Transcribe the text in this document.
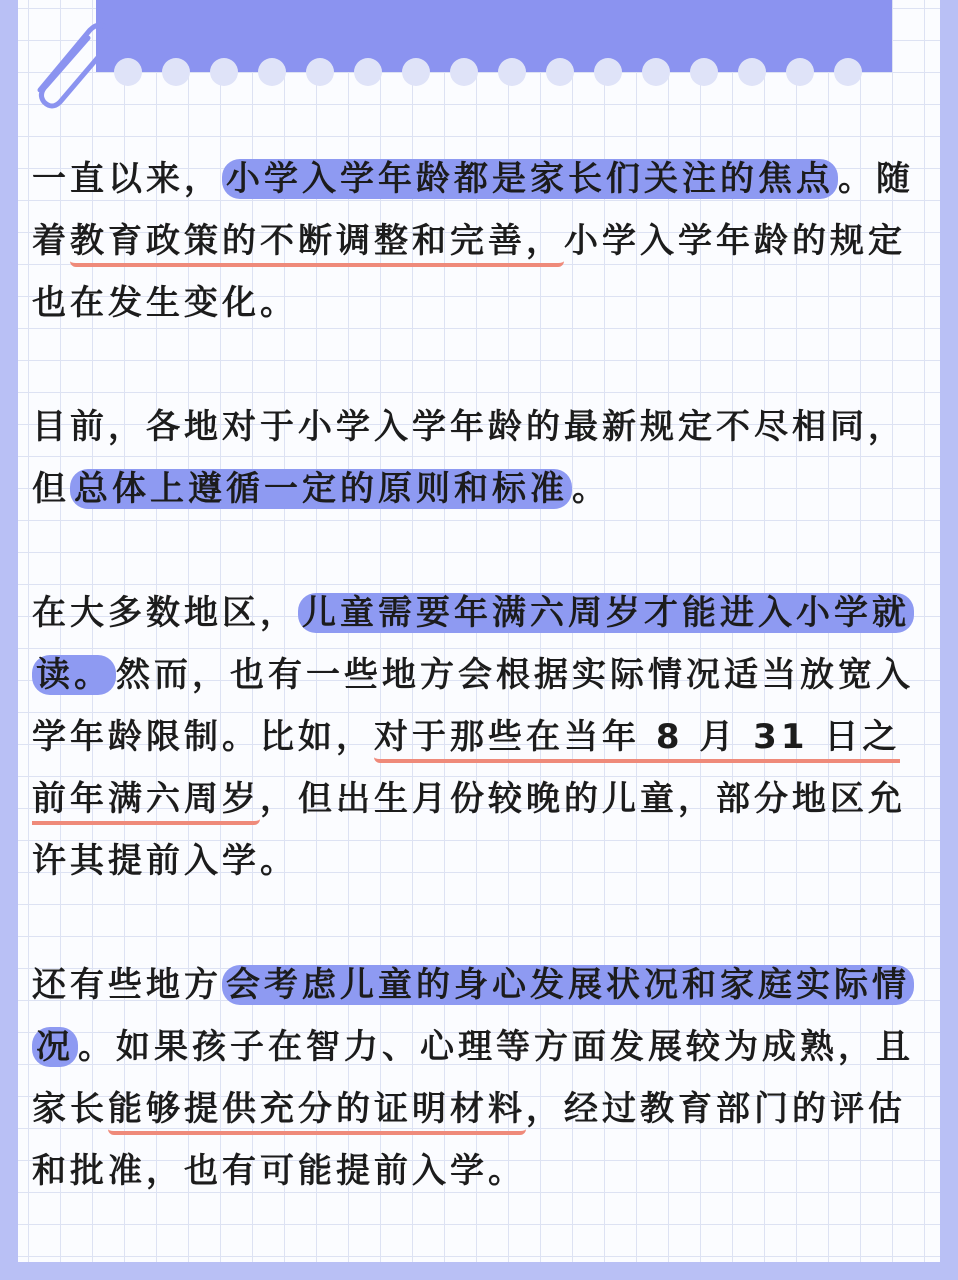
一直以来， 小学入学年龄都是家长们关注的焦点 。随着教育政策的不断调整和完善，小学入学年龄的规定也在发生变化。
目前，各地对于小学入学年龄的最新规定不尽相同，但 总体上遵循一定的原则和标准 。
在大多数地区， 儿童需要年满六周岁才能进入小学就读。 然而，也有一些地方会根据实际情况适当放宽入学年龄限制。比如，对于那些在当年 8 月 31 日之前年满六周岁，但出生月份较晚的儿童，部分地区允许其提前入学。
还有些地方 会考虑儿童的身心发展状况和家庭实际情况 。如果孩子在智力、心理等方面发展较为成熟，且家长能够提供充分的证明材料，经过教育部门的评估和批准，也有可能提前入学。
